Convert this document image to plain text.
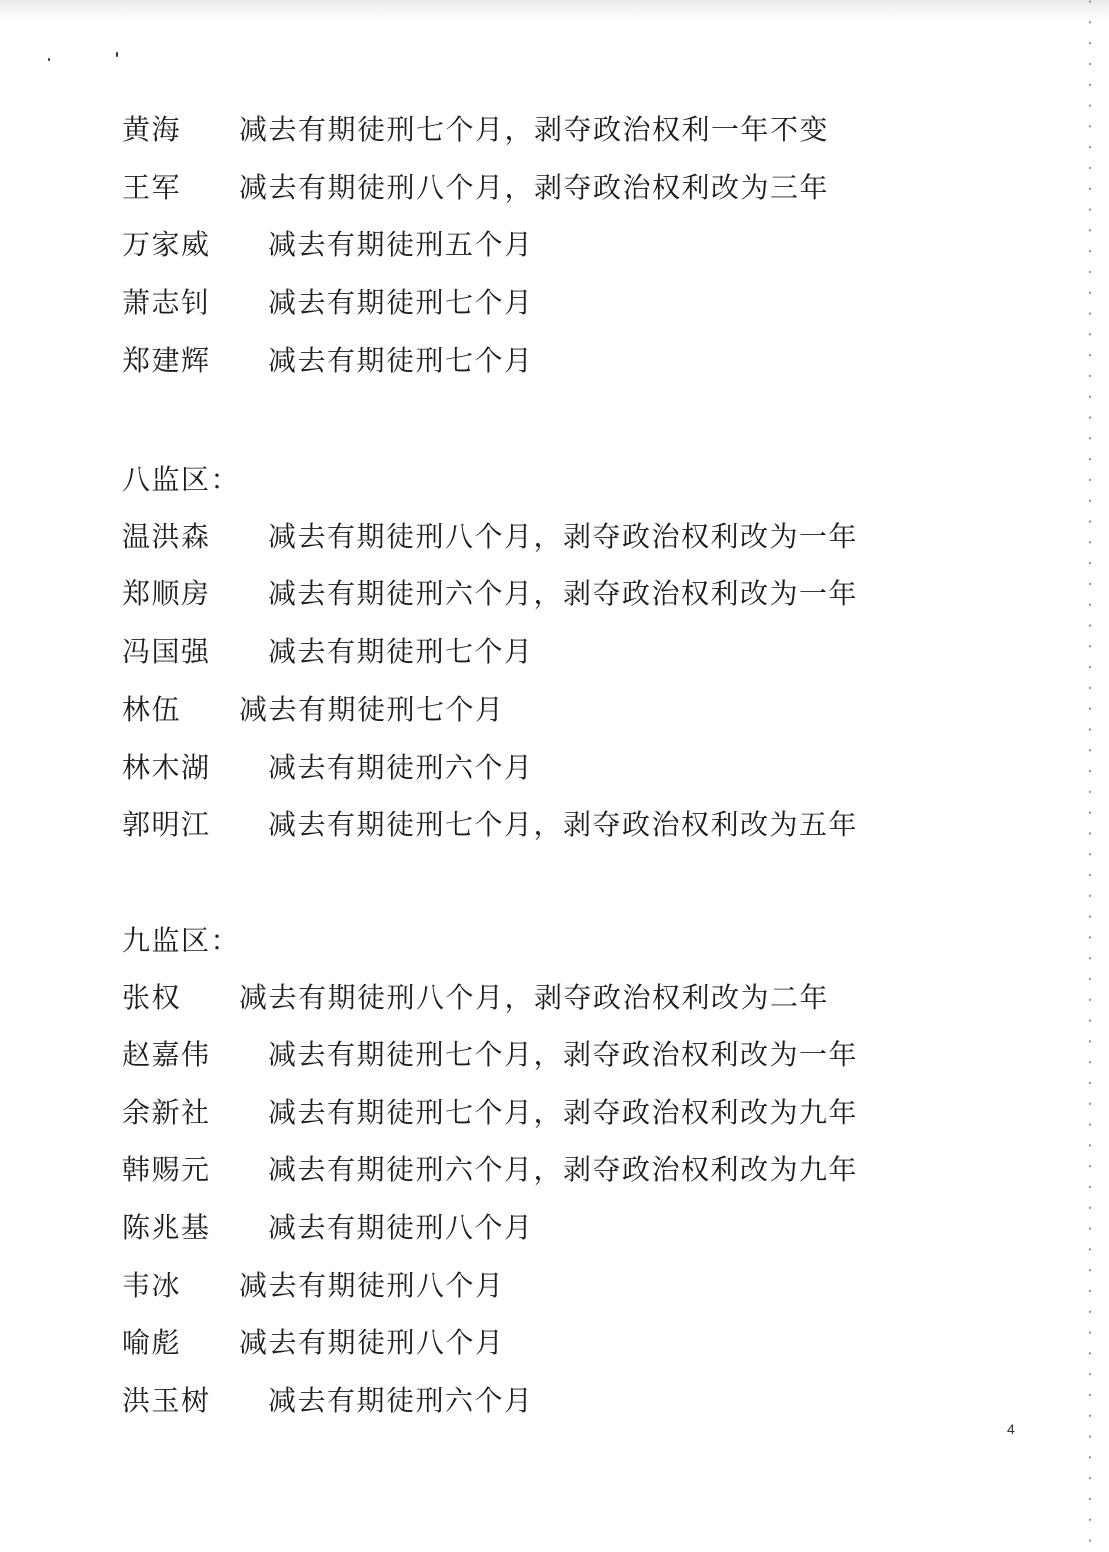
黄海 减去有期徒刑七个月，剥夺政治权利一年不变
王军 减去有期徒刑八个月，剥夺政治权利改为三年
万家威 减去有期徒刑五个月
萧志钊 减去有期徒刑七个月
郑建辉 减去有期徒刑七个月
八监区：
温洪森 减去有期徒刑八个月，剥夺政治权利改为一年
郑顺房 减去有期徒刑六个月，剥夺政治权利改为一年
冯国强 减去有期徒刑七个月
林伍 减去有期徒刑七个月
林木湖 减去有期徒刑六个月
郭明江 减去有期徒刑七个月，剥夺政治权利改为五年
九监区：
张权 减去有期徒刑八个月，剥夺政治权利改为二年
赵嘉伟 减去有期徒刑七个月，剥夺政治权利改为一年
余新社 减去有期徒刑七个月，剥夺政治权利改为九年
韩赐元 减去有期徒刑六个月，剥夺政治权利改为九年
陈兆基 减去有期徒刑八个月
韦冰 减去有期徒刑八个月
喻彪 减去有期徒刑八个月
洪玉树 减去有期徒刑六个月
4
